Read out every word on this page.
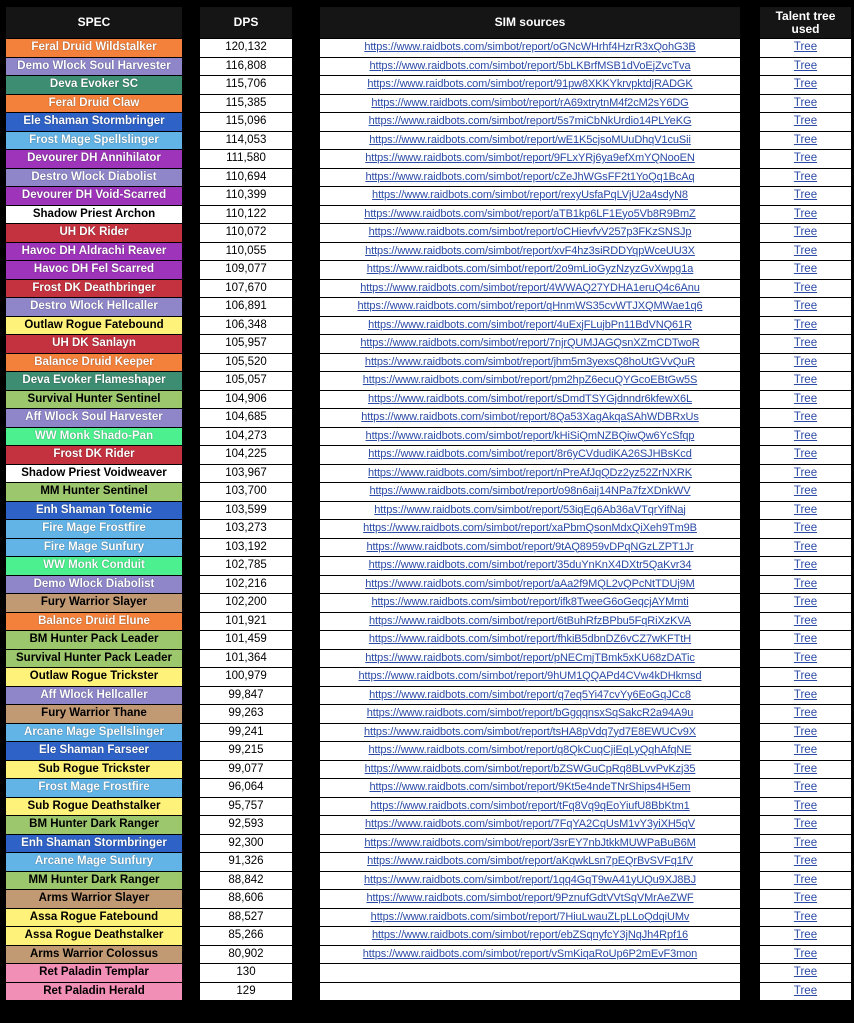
SPEC
Feral Druid Wildstalker
Demo Wlock Soul Harvester
Deva Evoker SC
Feral Druid Claw
Ele Shaman Stormbringer
Frost Mage Spellslinger
Devourer DH Annihilator
Destro Wlock Diabolist
Devourer DH Void-Scarred
Shadow Priest Archon
UH DK Rider
Havoc DH Aldrachi Reaver
Havoc DH Fel Scarred
Frost DK Deathbringer
Destro Wlock Hellcaller
Outlaw Rogue Fatebound
UH DK Sanlayn
Balance Druid Keeper
Deva Evoker Flameshaper
Survival Hunter Sentinel
Aff Wlock Soul Harvester
WW Monk Shado-Pan
Frost DK Rider
Shadow Priest Voidweaver
MM Hunter Sentinel
Enh Shaman Totemic
Fire Mage Frostfire
Fire Mage Sunfury
WW Monk Conduit
Demo Wlock Diabolist
Fury Warrior Slayer
Balance Druid Elune
BM Hunter Pack Leader
Survival Hunter Pack Leader
Outlaw Rogue Trickster
Aff Wlock Hellcaller
Fury Warrior Thane
Arcane Mage Spellslinger
Ele Shaman Farseer
Sub Rogue Trickster
Frost Mage Frostfire
Sub Rogue Deathstalker
BM Hunter Dark Ranger
Enh Shaman Stormbringer
Arcane Mage Sunfury
MM Hunter Dark Ranger
Arms Warrior Slayer
Assa Rogue Fatebound
Assa Rogue Deathstalker
Arms Warrior Colossus
Ret Paladin Templar
Ret Paladin Herald
DPS
120,132
116,808
115,706
115,385
115,096
114,053
111,580
110,694
110,399
110,122
110,072
110,055
109,077
107,670
106,891
106,348
105,957
105,520
105,057
104,906
104,685
104,273
104,225
103,967
103,700
103,599
103,273
103,192
102,785
102,216
102,200
101,921
101,459
101,364
100,979
99,847
99,263
99,241
99,215
99,077
96,064
95,757
92,593
92,300
91,326
88,842
88,606
88,527
85,266
80,902
130
129
SIM sources
https://www.raidbots.com/simbot/report/oGNcWHrhf4HzrR3xQohG3B
https://www.raidbots.com/simbot/report/5bLKBrfMSB1dVoEjZvcTva
https://www.raidbots.com/simbot/report/91pw8XKKYkrvpktdjRADGK
https://www.raidbots.com/simbot/report/rA69xtrytnM4f2cM2sY6DG
https://www.raidbots.com/simbot/report/5s7miCbNkUrdio14PLYeKG
https://www.raidbots.com/simbot/report/wE1K5cjsoMUuDhqV1cuSii
https://www.raidbots.com/simbot/report/9FLxYRj6ya9efXmYQNooEN
https://www.raidbots.com/simbot/report/cZeJhWGsFF2t1YoQq1BcAq
https://www.raidbots.com/simbot/report/rexyUsfaPqLVjU2a4sdyN8
https://www.raidbots.com/simbot/report/aTB1kp6LF1Eyo5Vb8R9BmZ
https://www.raidbots.com/simbot/report/oCHievfvV257p3FKzSNSJp
https://www.raidbots.com/simbot/report/xvF4hz3siRDDYqpWceUU3X
https://www.raidbots.com/simbot/report/2o9mLioGyzNzyzGvXwpg1a
https://www.raidbots.com/simbot/report/4WWAQ27YDHA1eruQ4c6Anu
https://www.raidbots.com/simbot/report/qHnmWS35cvWTJXQMWae1q6
https://www.raidbots.com/simbot/report/4uExjFLujbPn11BdVNQ61R
https://www.raidbots.com/simbot/report/7njrQUMJAGQsnXZmCDTwoR
https://www.raidbots.com/simbot/report/jhm5m3yexsQ8hoUtGVvQuR
https://www.raidbots.com/simbot/report/pm2hpZ6ecuQYGcoEBtGw5S
https://www.raidbots.com/simbot/report/sDmdTSYGjdnndr6kfewX6L
https://www.raidbots.com/simbot/report/8Qa53XagAkqaSAhWDBRxUs
https://www.raidbots.com/simbot/report/kHiSiQmNZBQiwQw6YcSfqp
https://www.raidbots.com/simbot/report/8r6yCVdudiKA26SJHBsKcd
https://www.raidbots.com/simbot/report/nPreAfJqQDz2yz52ZrNXRK
https://www.raidbots.com/simbot/report/o98n6aij14NPa7fzXDnkWV
https://www.raidbots.com/simbot/report/53iqEq6Ab36aVTqrYifNaj
https://www.raidbots.com/simbot/report/xaPbmQsonMdxQiXeh9Tm9B
https://www.raidbots.com/simbot/report/9tAQ8959vDPqNGzLZPT1Jr
https://www.raidbots.com/simbot/report/35duYnKnX4DXtr5QaKvr34
https://www.raidbots.com/simbot/report/aAa2f9MQL2vQPcNtTDUj9M
https://www.raidbots.com/simbot/report/ifk8TweeG6oGeqcjAYMmti
https://www.raidbots.com/simbot/report/6tBuhRfzBPbu5FqRiXzKVA
https://www.raidbots.com/simbot/report/fhkiB5dbnDZ6vCZ7wKFTtH
https://www.raidbots.com/simbot/report/pNECmjTBmk5xKU68zDATic
https://www.raidbots.com/simbot/report/9hUM1QQAPd4CVw4kDHkmsd
https://www.raidbots.com/simbot/report/q7eq5Yi47cvYy6EoGqJCc8
https://www.raidbots.com/simbot/report/bGgqqnsxSqSakcR2a94A9u
https://www.raidbots.com/simbot/report/tsHA8pVdq7yd7E8EWUCv9X
https://www.raidbots.com/simbot/report/q8QkCuqCjiEqLyQqhAfqNE
https://www.raidbots.com/simbot/report/bZSWGuCpRq8BLvvPvKzj35
https://www.raidbots.com/simbot/report/9Kt5e4ndeTNrShips4H5em
https://www.raidbots.com/simbot/report/tFq8Vq9qEoYiufU8BbKtm1
https://www.raidbots.com/simbot/report/7FqYA2CqUsM1vY3yiXH5qV
https://www.raidbots.com/simbot/report/3srEY7nbJtkkMUWPaBuB6M
https://www.raidbots.com/simbot/report/aKqwkLsn7pEQrBvSVFq1fV
https://www.raidbots.com/simbot/report/1qq4GqT9wA41yUQu9XJ8BJ
https://www.raidbots.com/simbot/report/9PznufGdtVVtSqVMrAeZWF
https://www.raidbots.com/simbot/report/7HiuLwauZLpLLoQdqiUMv
https://www.raidbots.com/simbot/report/ebZSqnyfcY3jNqJh4Rpf16
https://www.raidbots.com/simbot/report/vSmKiqaRoUp6P2mEvF3mon
Talent tree used
Tree
Tree
Tree
Tree
Tree
Tree
Tree
Tree
Tree
Tree
Tree
Tree
Tree
Tree
Tree
Tree
Tree
Tree
Tree
Tree
Tree
Tree
Tree
Tree
Tree
Tree
Tree
Tree
Tree
Tree
Tree
Tree
Tree
Tree
Tree
Tree
Tree
Tree
Tree
Tree
Tree
Tree
Tree
Tree
Tree
Tree
Tree
Tree
Tree
Tree
Tree
Tree
